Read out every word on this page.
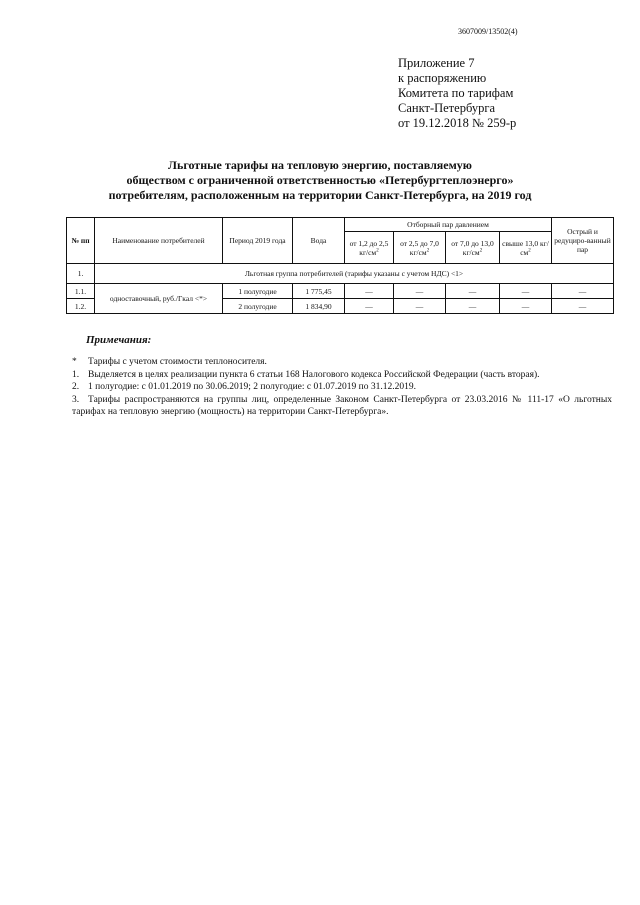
3607009/13502(4)
Приложение 7
к распоряжению
Комитета по тарифам
Санкт-Петербурга
от 19.12.2018 № 259-р
Льготные тарифы на тепловую энергию, поставляемую
обществом с ограниченной ответственностью «Петербургтеплоэнерго»
потребителям, расположенным на территории Санкт-Петербурга, на 2019 год
№ пп	Наименование потребителей	Период 2019 года	Вода	Отборный пар давлением				Острый и редуциро-ванный пар
				от 1,2 до 2,5 $кг/см^2$	от 2,5 до 7,0 $кг/см^2$	от 7,0 до 13,0 $кг/см^2$	свыше 13,0 $кг/см^2$
1.	Льготная группа потребителей (тарифы указаны с учетом НДС) <1>							
1.1.	одноставочный, руб./Гкал <*>	1 полугодие	1 775,45	—	—	—	—	—
1.2.		2 полугодие	1 834,90	—	—	—	—	—
Примечания:

* Тарифы с учетом стоимости теплоносителя.

1. Выделяется в целях реализации пункта 6 статьи 168 Налогового кодекса Российской Федерации (часть вторая).

2. 1 полугодие: с 01.01.2019 по 30.06.2019; 2 полугодие: с 01.07.2019 по 31.12.2019.

3. Тарифы распространяются на группы лиц, определенные Законом Санкт-Петербурга от 23.03.2016 № 111-17 «О льготных тарифах на тепловую энергию (мощность) на территории Санкт-Петербурга».
